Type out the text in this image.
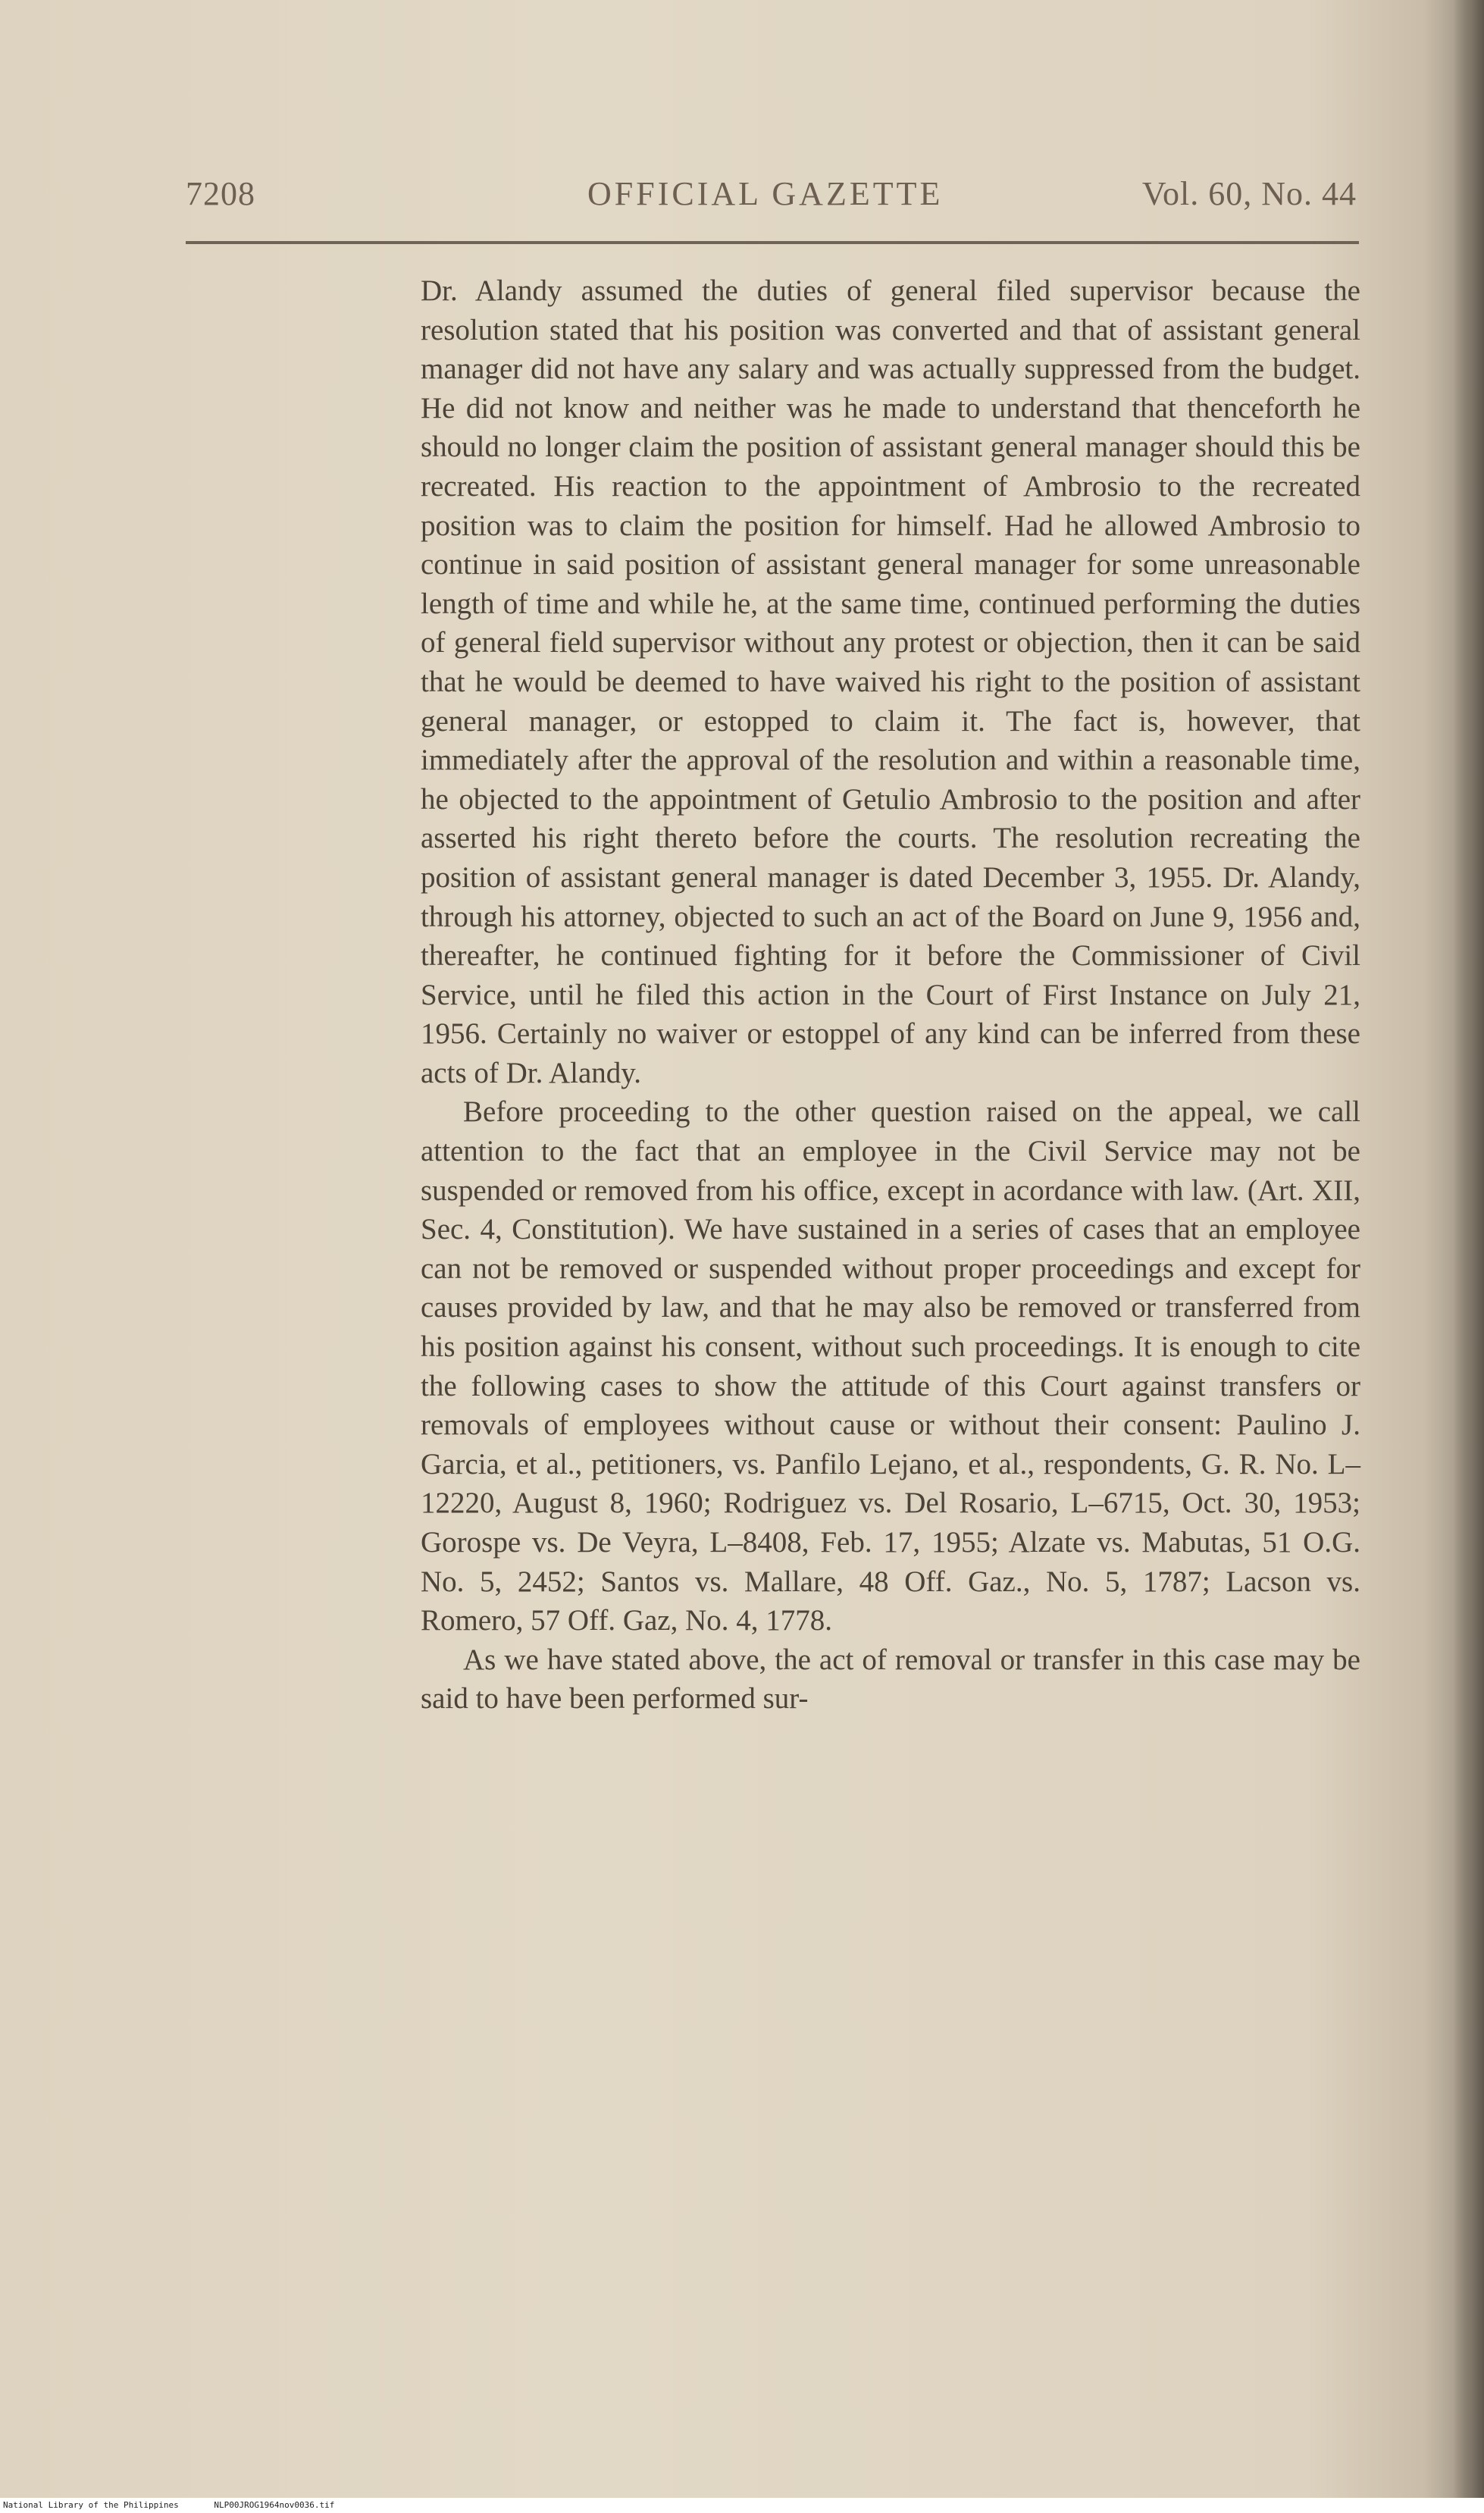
7208	OFFICIAL GAZETTE	Vol. 60, No. 44

Dr. Alandy assumed the duties of general filed supervisor because the resolution stated that his position was converted and that of assistant general manager did not have any salary and was actually suppressed from the budget. He did not know and neither was he made to understand that thenceforth he should no longer claim the position of assistant general manager should this be recreated. His reaction to the appointment of Ambrosio to the recreated position was to claim the position for himself. Had he allowed Ambrosio to continue in said position of assistant general manager for some unreasonable length of time and while he, at the same time, continued performing the duties of general field supervisor without any protest or objection, then it can be said that he would be deemed to have waived his right to the position of assistant general manager, or estopped to claim it. The fact is, however, that immediately after the approval of the resolution and within a reasonable time, he objected to the appointment of Getulio Ambrosio to the position and after asserted his right thereto before the courts. The resolution recreating the position of assistant general manager is dated December 3, 1955. Dr. Alandy, through his attorney, objected to such an act of the Board on June 9, 1956 and, thereafter, he continued fighting for it before the Commissioner of Civil Service, until he filed this action in the Court of First Instance on July 21, 1956. Certainly no waiver or estoppel of any kind can be inferred from these acts of Dr. Alandy.

Before proceeding to the other question raised on the appeal, we call attention to the fact that an employee in the Civil Service may not be suspended or removed from his office, except in acordance with law. (Art. XII, Sec. 4, Constitution). We have sustained in a series of cases that an employee can not be removed or suspended without proper proceedings and except for causes provided by law, and that he may also be removed or transferred from his position against his consent, without such proceedings. It is enough to cite the following cases to show the attitude of this Court against transfers or removals of employees without cause or without their consent: Paulino J. Garcia, et al., petitioners, vs. Panfilo Lejano, et al., respondents, G. R. No. L–12220, August 8, 1960; Rodriguez vs. Del Rosario, L–6715, Oct. 30, 1953; Gorospe vs. De Veyra, L–8408, Feb. 17, 1955; Alzate vs. Mabutas, 51 O.G. No. 5, 2452; Santos vs. Mallare, 48 Off. Gaz., No. 5, 1787; Lacson vs. Romero, 57 Off. Gaz, No. 4, 1778.

As we have stated above, the act of removal or transfer in this case may be said to have been performed sur-

National Library of the Philippines	NLP00JROG1964nov0036.tif
